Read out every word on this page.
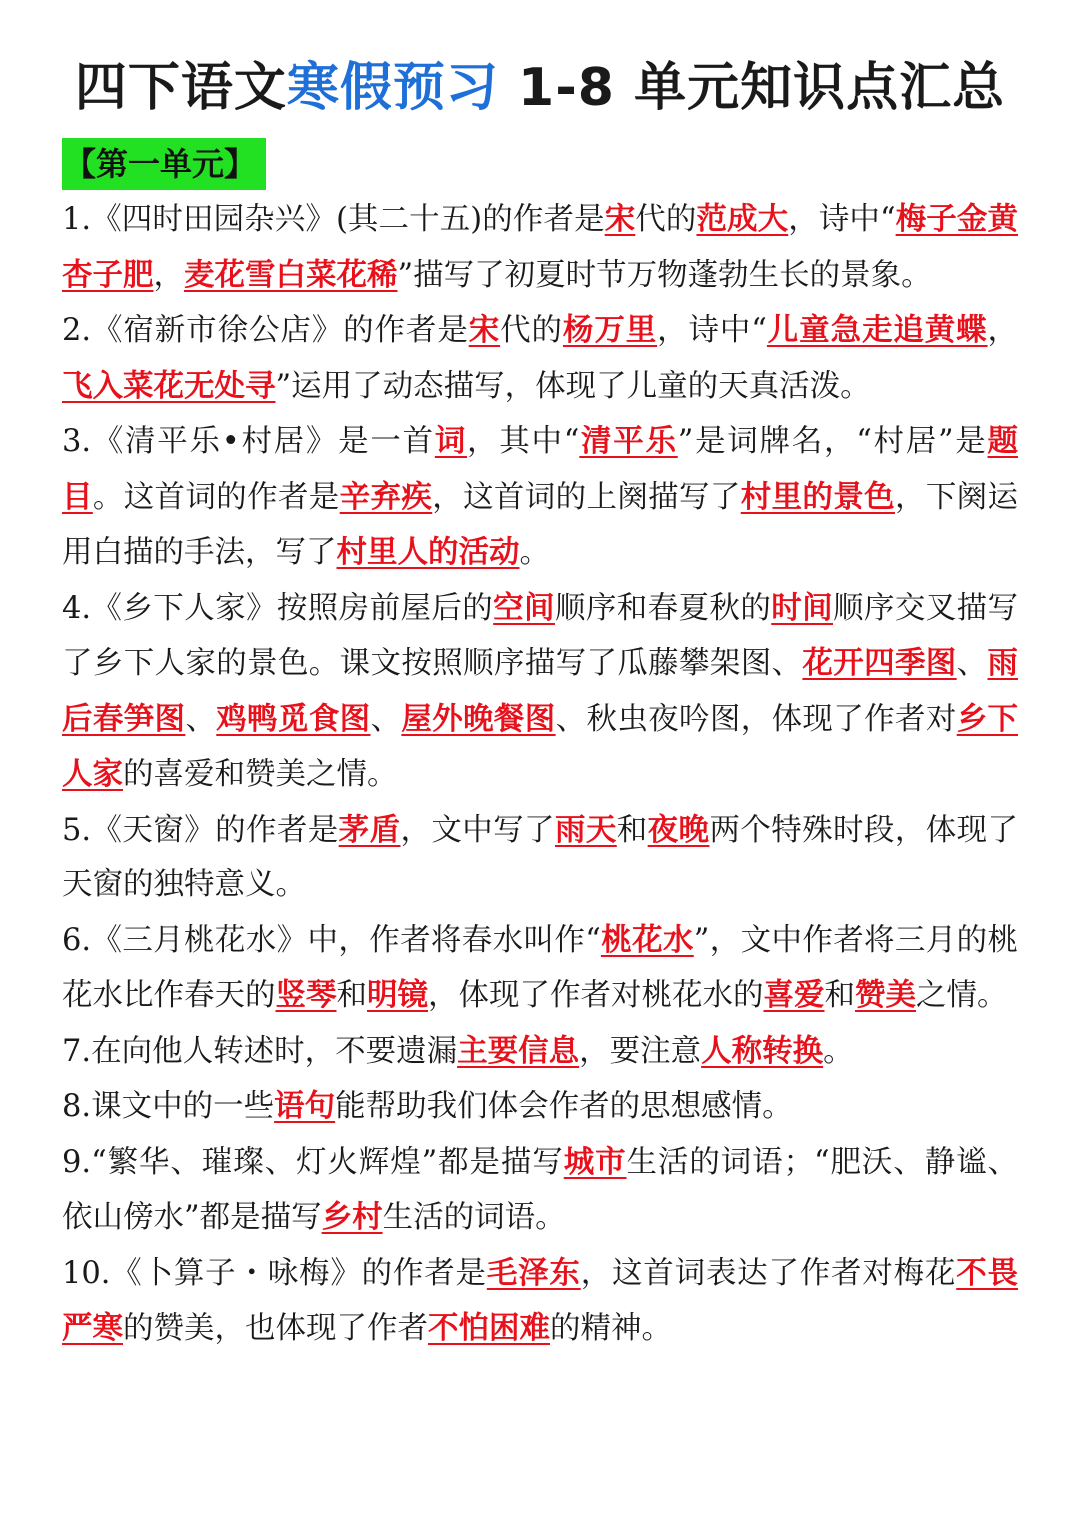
四下语文寒假预习 1-8 单元知识点汇总
【第一单元】
1.《四时田园杂兴》(其二十五)的作者是宋代的范成大，诗中“梅子金黄杏子肥，麦花雪白菜花稀”描写了初夏时节万物蓬勃生长的景象。
2.《宿新市徐公店》的作者是宋代的杨万里，诗中“儿童急走追黄蝶，飞入菜花无处寻”运用了动态描写，体现了儿童的天真活泼。
3.《清平乐•村居》是一首词，其中“清平乐”是词牌名，“村居”是题目。这首词的作者是辛弃疾，这首词的上阕描写了村里的景色，下阕运用白描的手法，写了村里人的活动。
4.《乡下人家》按照房前屋后的空间顺序和春夏秋的时间顺序交叉描写了乡下人家的景色。课文按照顺序描写了瓜藤攀架图、花开四季图、雨后春笋图、鸡鸭觅食图、屋外晚餐图、秋虫夜吟图，体现了作者对乡下人家的喜爱和赞美之情。
5.《天窗》的作者是茅盾，文中写了雨天和夜晚两个特殊时段，体现了天窗的独特意义。
6.《三月桃花水》中，作者将春水叫作“桃花水”，文中作者将三月的桃花水比作春天的竖琴和明镜，体现了作者对桃花水的喜爱和赞美之情。
7.在向他人转述时，不要遗漏主要信息，要注意人称转换。
8.课文中的一些语句能帮助我们体会作者的思想感情。
9.“繁华、璀璨、灯火辉煌”都是描写城市生活的词语；“肥沃、静谧、依山傍水”都是描写乡村生活的词语。
10.《卜算子・咏梅》的作者是毛泽东，这首词表达了作者对梅花不畏严寒的赞美，也体现了作者不怕困难的精神。
